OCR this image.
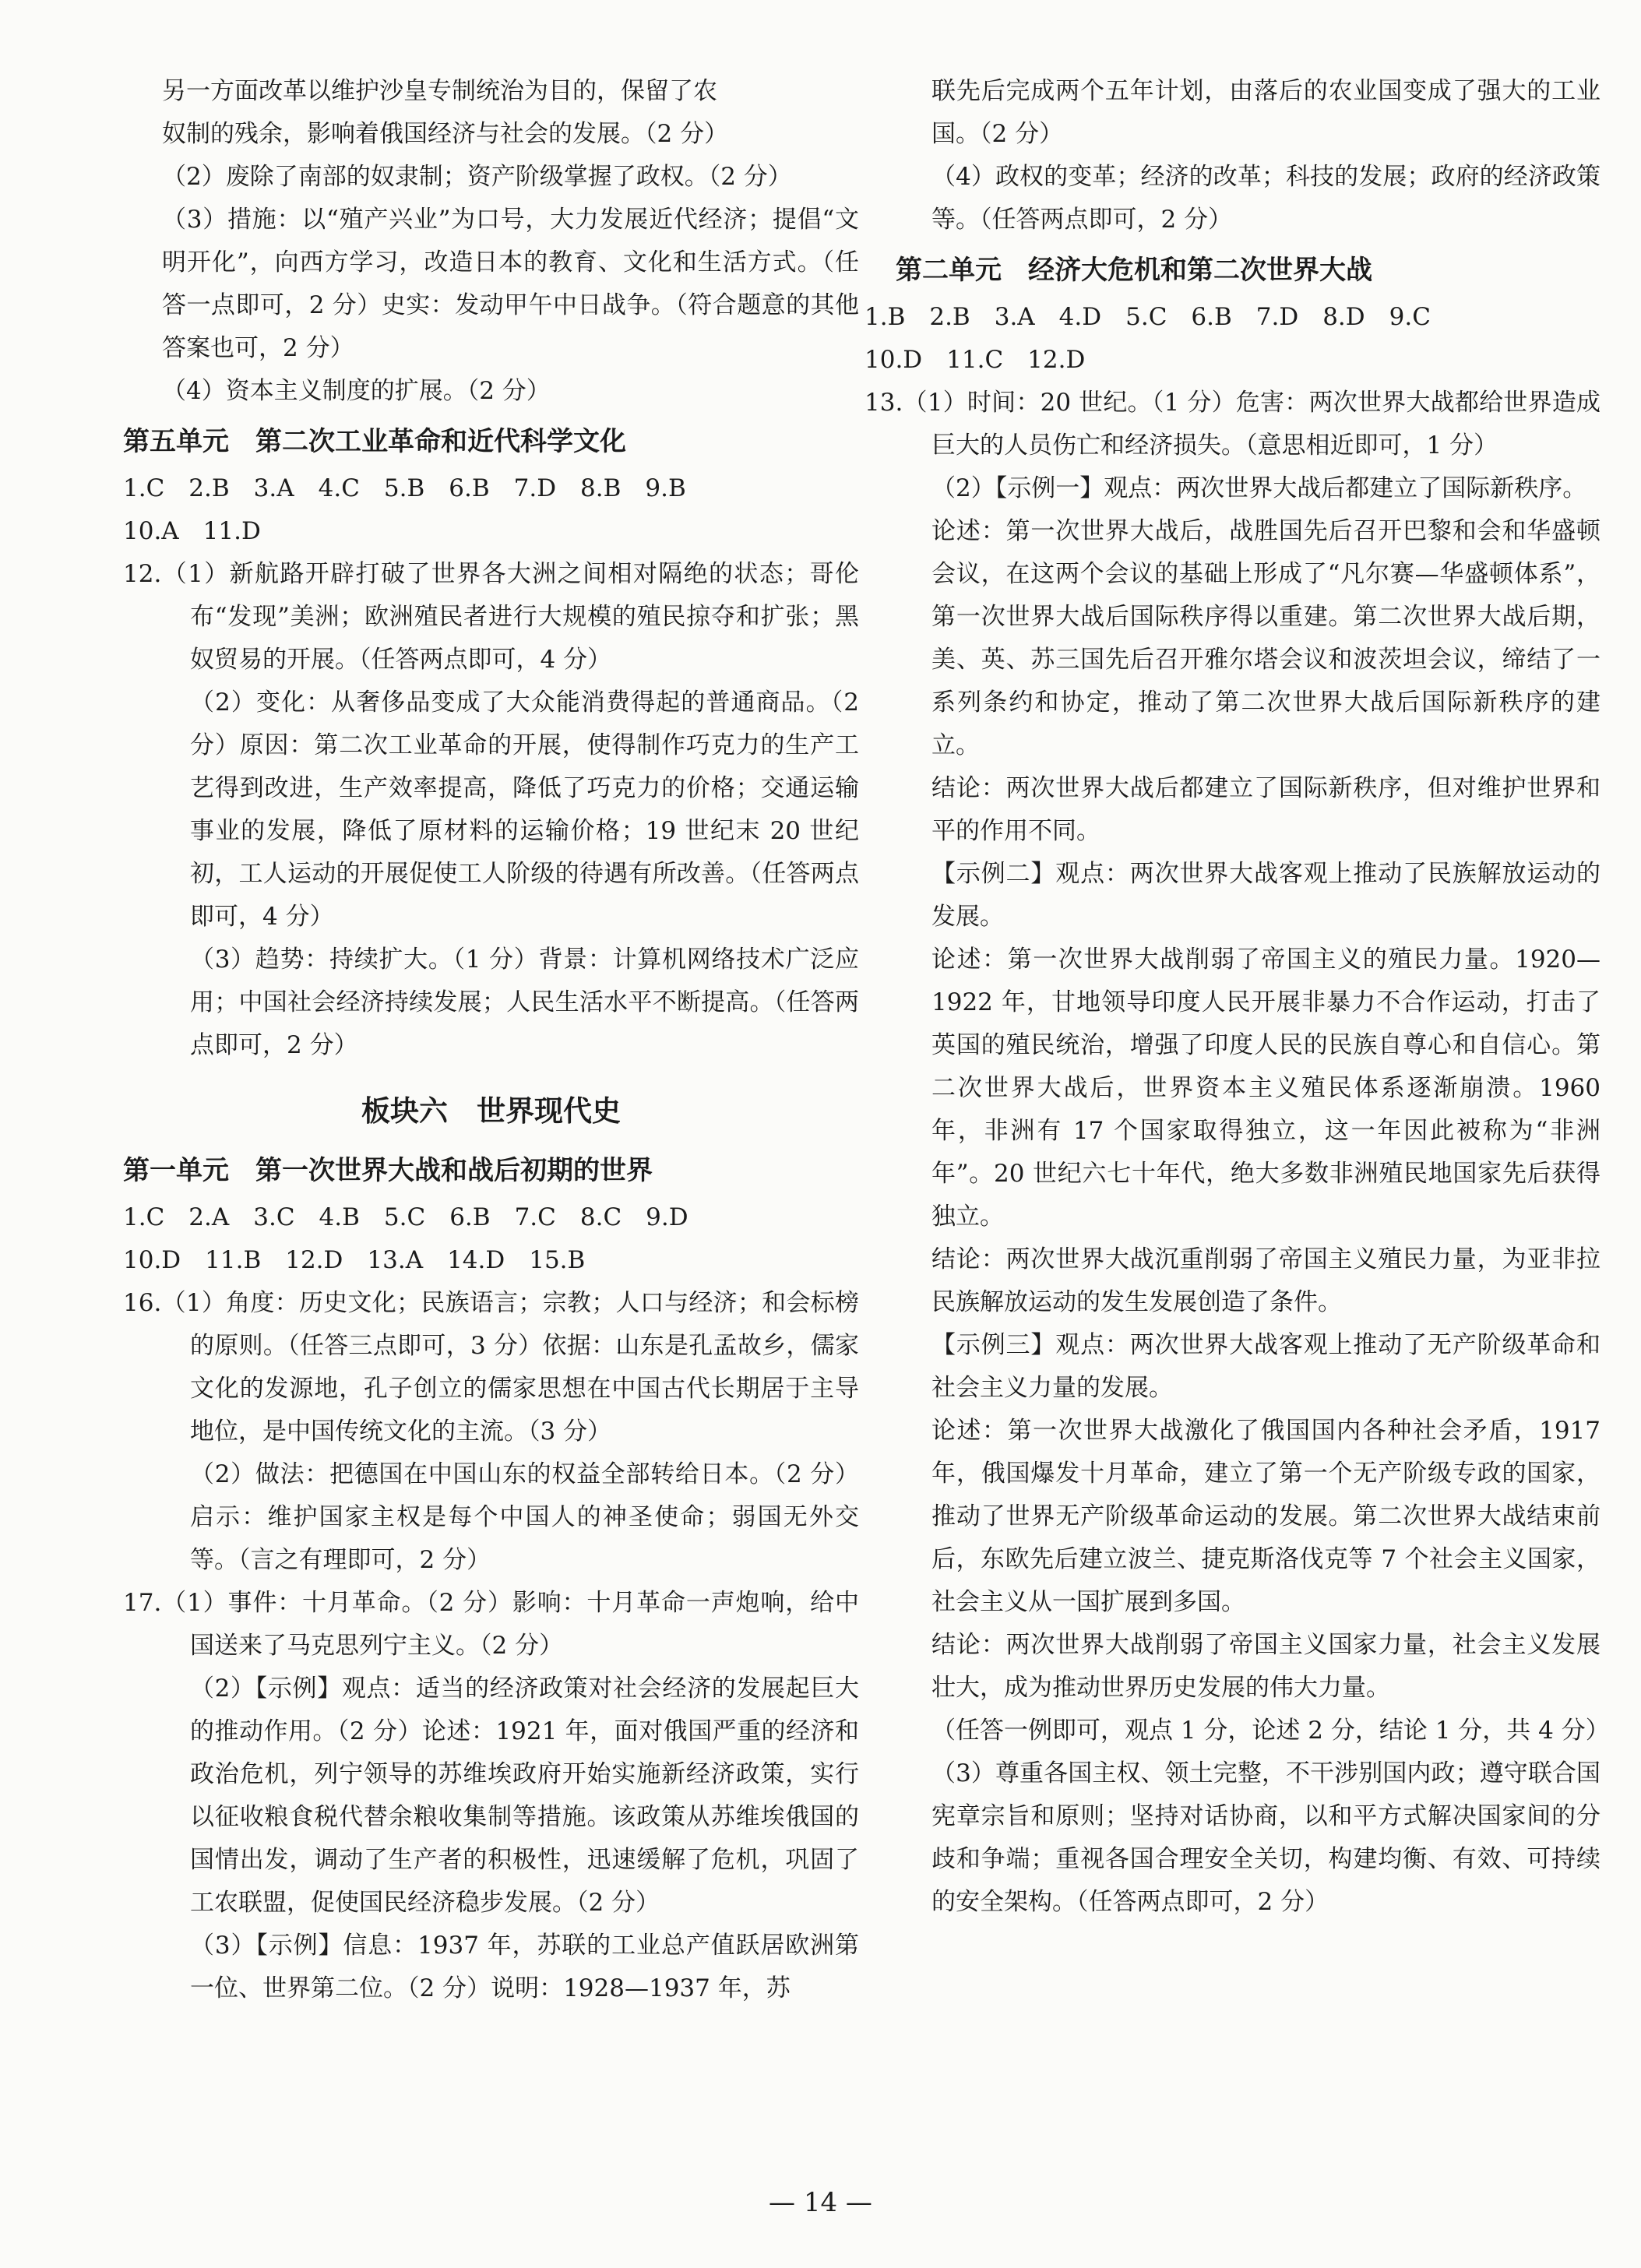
另一方面改革以维护沙皇专制统治为目的，保留了农

奴制的残余，影响着俄国经济与社会的发展。（2 分）

（2）废除了南部的奴隶制；资产阶级掌握了政权。（2 分）

（3）措施：以“殖产兴业”为口号，大力发展近代经济；提倡“文明开化”，向西方学习，改造日本的教育、文化和生活方式。（任答一点即可，2 分）史实：发动甲午中日战争。（符合题意的其他答案也可，2 分）

（4）资本主义制度的扩展。（2 分）

第五单元　第二次工业革命和近代科学文化

1.C　2.B　3.A　4.C　5.B　6.B　7.D　8.B　9.B

10.A　11.D

12.（1）新航路开辟打破了世界各大洲之间相对隔绝的状态；哥伦布“发现”美洲；欧洲殖民者进行大规模的殖民掠夺和扩张；黑奴贸易的开展。（任答两点即可，4 分）

（2）变化：从奢侈品变成了大众能消费得起的普通商品。（2 分）原因：第二次工业革命的开展，使得制作巧克力的生产工艺得到改进，生产效率提高，降低了巧克力的价格；交通运输事业的发展，降低了原材料的运输价格；19 世纪末 20 世纪初，工人运动的开展促使工人阶级的待遇有所改善。（任答两点即可，4 分）

（3）趋势：持续扩大。（1 分）背景：计算机网络技术广泛应用；中国社会经济持续发展；人民生活水平不断提高。（任答两点即可，2 分）

板块六　世界现代史
第一单元　第一次世界大战和战后初期的世界

1.C　2.A　3.C　4.B　5.C　6.B　7.C　8.C　9.D

10.D　11.B　12.D　13.A　14.D　15.B

16.（1）角度：历史文化；民族语言；宗教；人口与经济；和会标榜的原则。（任答三点即可，3 分）依据：山东是孔孟故乡，儒家文化的发源地，孔子创立的儒家思想在中国古代长期居于主导地位，是中国传统文化的主流。（3 分）

（2）做法：把德国在中国山东的权益全部转给日本。（2 分）启示：维护国家主权是每个中国人的神圣使命；弱国无外交等。（言之有理即可，2 分）

17.（1）事件：十月革命。（2 分）影响：十月革命一声炮响，给中国送来了马克思列宁主义。（2 分）

（2）【示例】观点：适当的经济政策对社会经济的发展起巨大的推动作用。（2 分）论述：1921 年，面对俄国严重的经济和政治危机，列宁领导的苏维埃政府开始实施新经济政策，实行以征收粮食税代替余粮收集制等措施。该政策从苏维埃俄国的国情出发，调动了生产者的积极性，迅速缓解了危机，巩固了工农联盟，促使国民经济稳步发展。（2 分）

（3）【示例】信息：1937 年，苏联的工业总产值跃居欧洲第一位、世界第二位。（2 分）说明：1928—1937 年，苏

联先后完成两个五年计划，由落后的农业国变成了强大的工业国。（2 分）

（4）政权的变革；经济的改革；科技的发展；政府的经济政策等。（任答两点即可，2 分）

第二单元　经济大危机和第二次世界大战

1.B　2.B　3.A　4.D　5.C　6.B　7.D　8.D　9.C

10.D　11.C　12.D

13.（1）时间：20 世纪。（1 分）危害：两次世界大战都给世界造成巨大的人员伤亡和经济损失。（意思相近即可，1 分）

（2）【示例一】观点：两次世界大战后都建立了国际新秩序。

论述：第一次世界大战后，战胜国先后召开巴黎和会和华盛顿会议，在这两个会议的基础上形成了“凡尔赛—华盛顿体系”，第一次世界大战后国际秩序得以重建。第二次世界大战后期，美、英、苏三国先后召开雅尔塔会议和波茨坦会议，缔结了一系列条约和协定，推动了第二次世界大战后国际新秩序的建立。

结论：两次世界大战后都建立了国际新秩序，但对维护世界和平的作用不同。

【示例二】观点：两次世界大战客观上推动了民族解放运动的发展。

论述：第一次世界大战削弱了帝国主义的殖民力量。1920—1922 年，甘地领导印度人民开展非暴力不合作运动，打击了英国的殖民统治，增强了印度人民的民族自尊心和自信心。第二次世界大战后，世界资本主义殖民体系逐渐崩溃。1960 年，非洲有 17 个国家取得独立，这一年因此被称为“非洲年”。20 世纪六七十年代，绝大多数非洲殖民地国家先后获得独立。

结论：两次世界大战沉重削弱了帝国主义殖民力量，为亚非拉民族解放运动的发生发展创造了条件。

【示例三】观点：两次世界大战客观上推动了无产阶级革命和社会主义力量的发展。

论述：第一次世界大战激化了俄国国内各种社会矛盾，1917 年，俄国爆发十月革命，建立了第一个无产阶级专政的国家，推动了世界无产阶级革命运动的发展。第二次世界大战结束前后，东欧先后建立波兰、捷克斯洛伐克等 7 个社会主义国家，社会主义从一国扩展到多国。

结论：两次世界大战削弱了帝国主义国家力量，社会主义发展壮大，成为推动世界历史发展的伟大力量。

（任答一例即可，观点 1 分，论述 2 分，结论 1 分，共 4 分）

（3）尊重各国主权、领土完整，不干涉别国内政；遵守联合国宪章宗旨和原则；坚持对话协商，以和平方式解决国家间的分歧和争端；重视各国合理安全关切，构建均衡、有效、可持续的安全架构。（任答两点即可，2 分）

— 14 —
